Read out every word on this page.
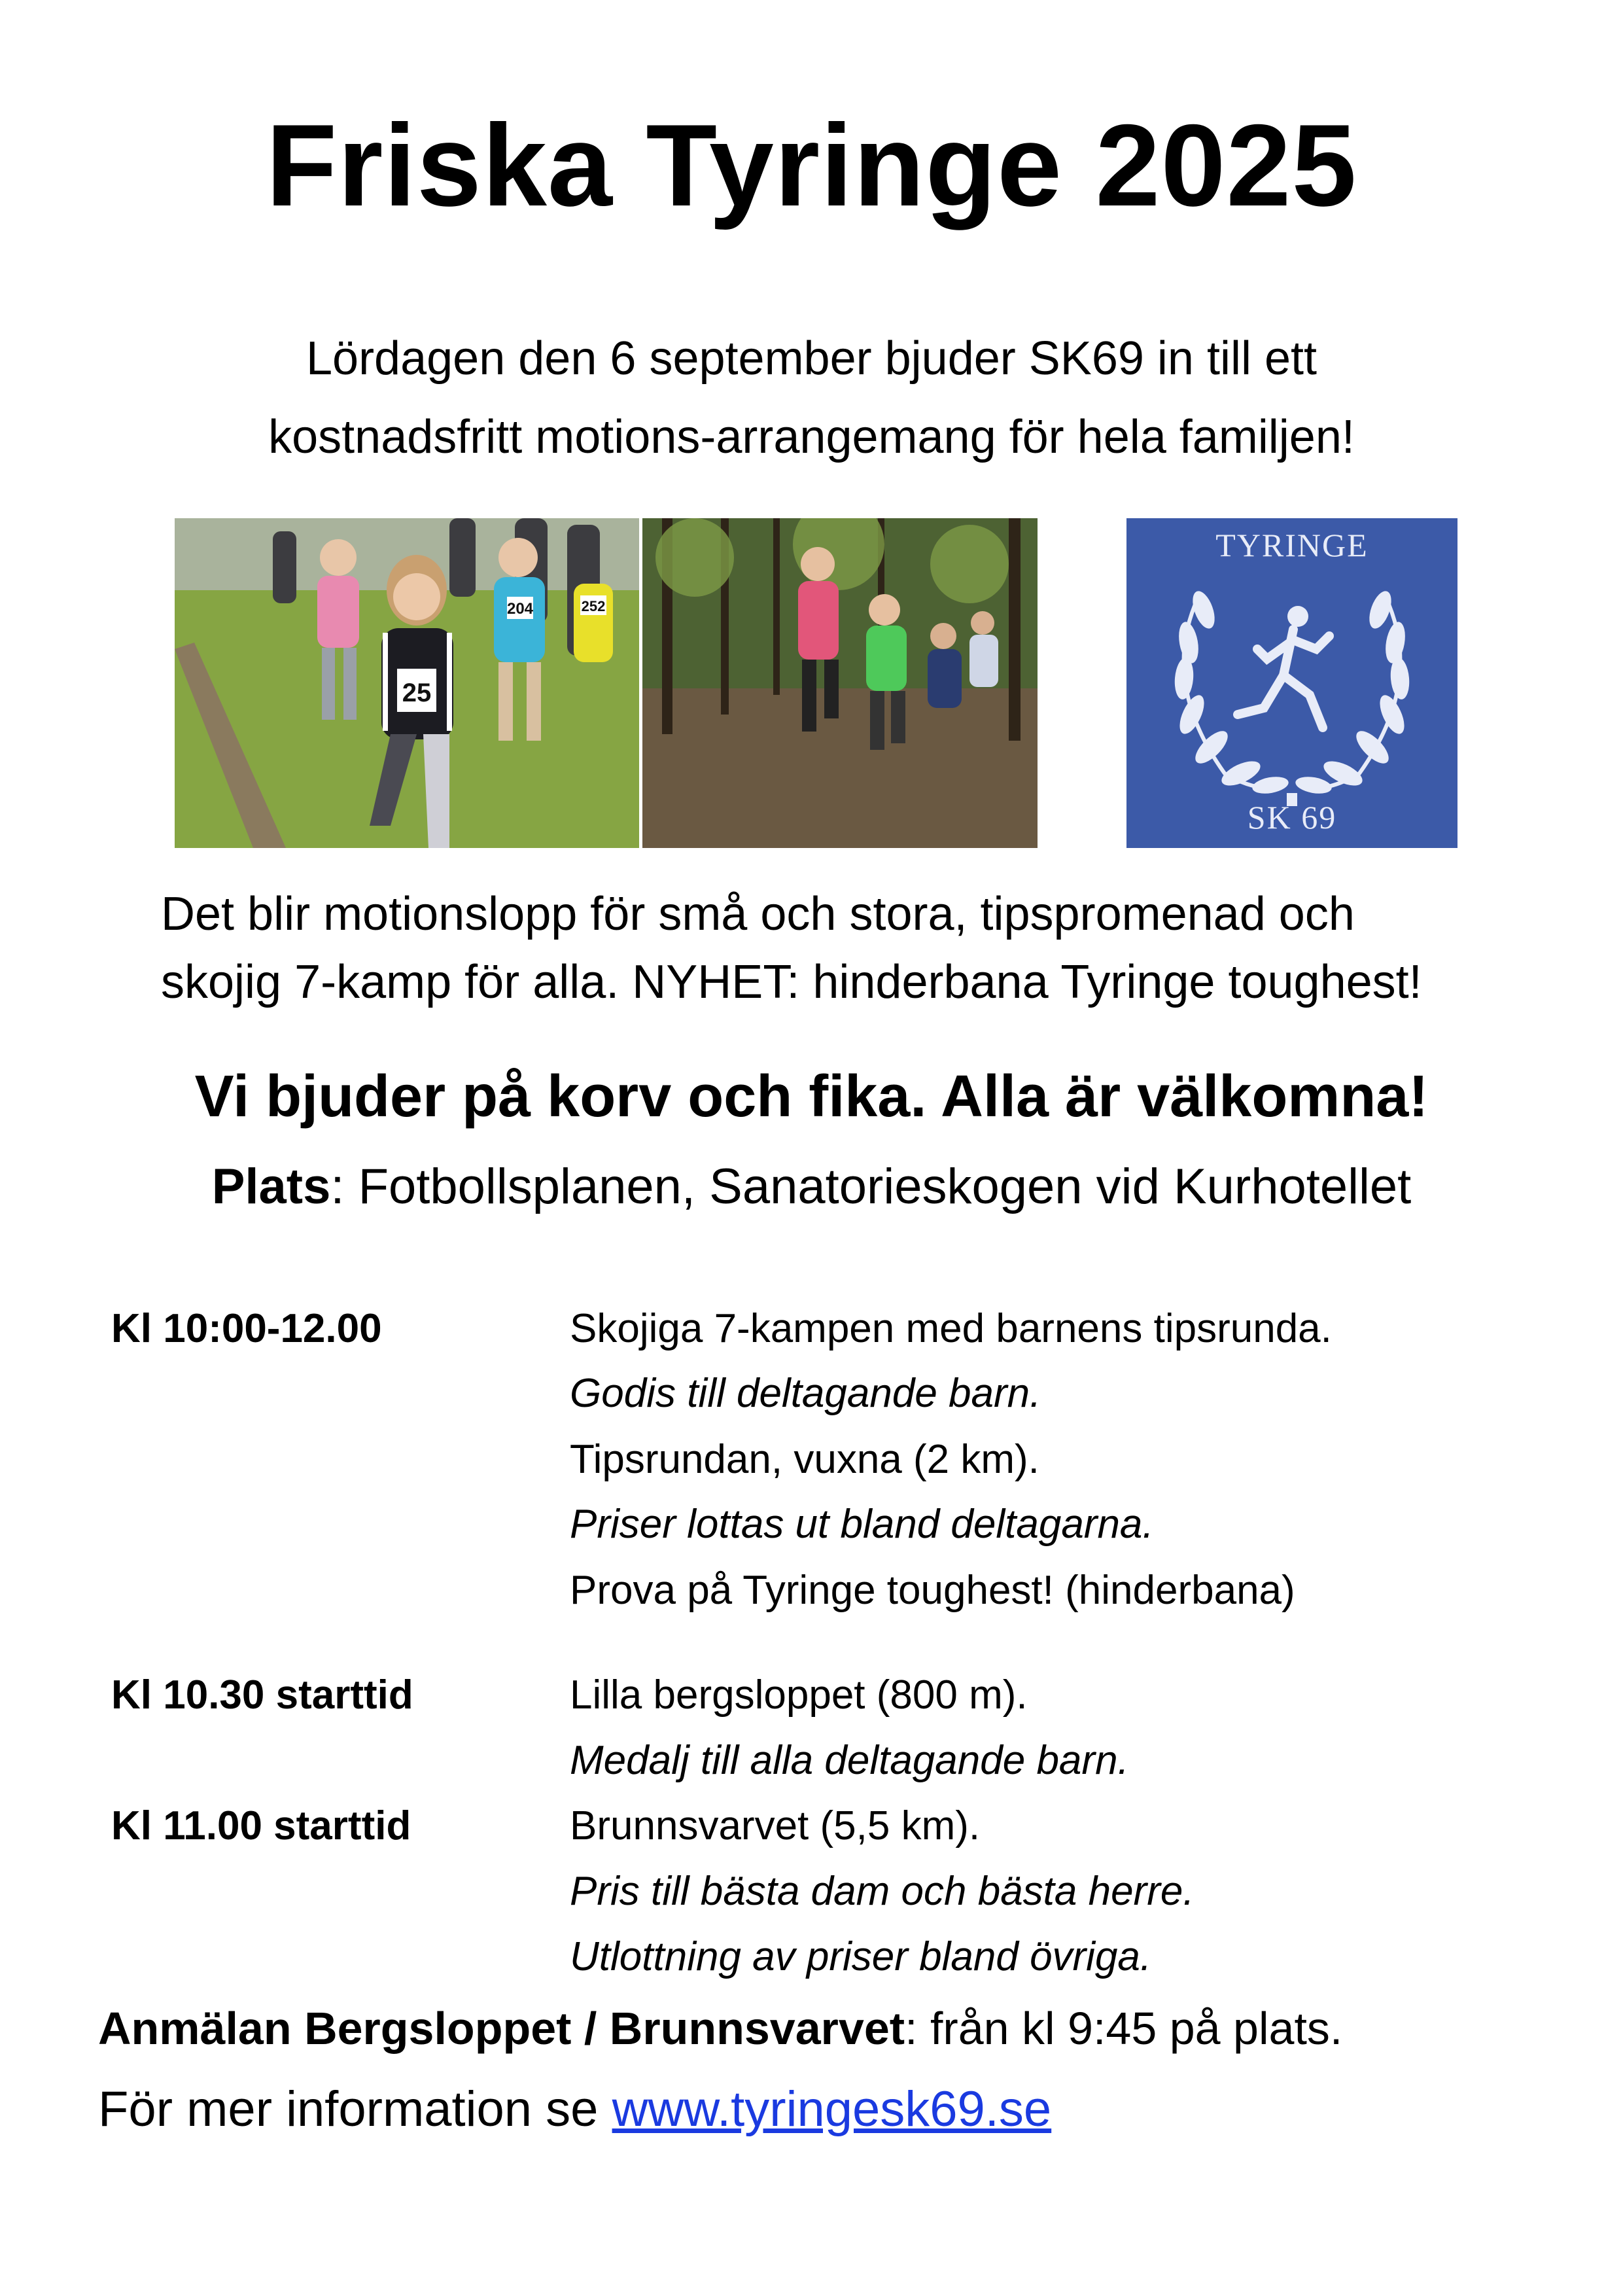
Friska Tyringe 2025
Lördagen den 6 september bjuder SK69 in till ett
kostnadsfritt motions-arrangemang för hela familjen!
204	252
25
TYRINGE
SK 69
Det blir motionslopp för små och stora, tipspromenad och
skojig 7-kamp för alla. NYHET: hinderbana Tyringe toughest!
Vi bjuder på korv och fika. Alla är välkomna!
Plats: Fotbollsplanen, Sanatorieskogen vid Kurhotellet
Kl 10:00-12.00	Skojiga 7-kampen med barnens tipsrunda.
Godis till deltagande barn.
Tipsrundan, vuxna (2 km).
Priser lottas ut bland deltagarna.
Prova på Tyringe toughest! (hinderbana)
Kl 10.30 starttid	Lilla bergsloppet (800 m).
Medalj till alla deltagande barn.
Kl 11.00 starttid	Brunnsvarvet (5,5 km).
Pris till bästa dam och bästa herre.
Utlottning av priser bland övriga.
Anmälan Bergsloppet / Brunnsvarvet: från kl 9:45 på plats.
För mer information se www.tyringesk69.se
